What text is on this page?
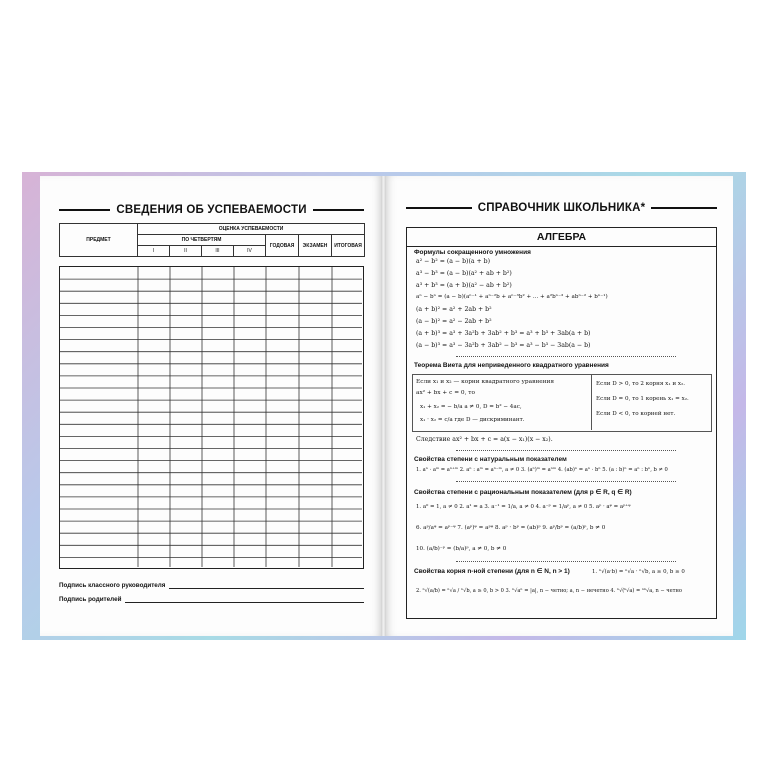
СВЕДЕНИЯ ОБ УСПЕВАЕМОСТИ
ПРЕДМЕТ	ОЦЕНКА УСПЕВАЕМОСТИ						
	ПО ЧЕТВЕРТЯМ				ГОДОВАЯ	ЭКЗАМЕН	ИТОГОВАЯ
	I	II	III	IV			
Подпись классного руководителя
Подпись родителей
СПРАВОЧНИК ШКОЛЬНИКА*
АЛГЕБРА
Формулы сокращенного умножения
a² − b² = (a − b)(a + b)
a³ − b³ = (a − b)(a² + ab + b²)
a³ + b³ = (a + b)(a² − ab + b²)
aⁿ − bⁿ = (a − b)(aⁿ⁻¹ + aⁿ⁻²b + aⁿ⁻³b² + ... + a²bⁿ⁻³ + abⁿ⁻² + bⁿ⁻¹)
(a + b)² = a² + 2ab + b²
(a − b)² = a² − 2ab + b²
(a + b)³ = a³ + 3a²b + 3ab² + b³ = a³ + b³ + 3ab(a + b)
(a − b)³ = a³ − 3a²b + 3ab² − b³ = a³ − b³ − 3ab(a − b)
Теорема Виета для неприведенного квадратного уравнения
Если x₁ и x₂ — корни квадратного уравнения
ax² + bx + c = 0, то
x₁ + x₂ = − b/a a ≠ 0, D = b² − 4ac,
x₁ · x₂ = c/a где D — дискриминант.
Если D > 0, то 2 корня x₁ и x₂.
Если D = 0, то 1 корень x₁ = x₂.
Если D < 0, то корней нет.
Следствие ax² + bx + c = a(x − x₁)(x − x₂).
Свойства степени с натуральным показателем
1. aⁿ · aᵐ = aⁿ⁺ᵐ 2. aⁿ : aᵐ = aⁿ⁻ᵐ, a ≠ 0 3. (aⁿ)ᵐ = aⁿᵐ 4. (ab)ⁿ = aⁿ · bⁿ 5. (a : b)ⁿ = aⁿ : bⁿ, b ≠ 0
Свойства степени с рациональным показателем (для p ∈ R, q ∈ R)
1. a⁰ = 1, a ≠ 0 2. a¹ = a 3. a⁻¹ = 1/a, a ≠ 0 4. a⁻ᵖ = 1/aᵖ, a ≠ 0 5. aᵖ · aᵠ = aᵖ⁺ᵠ
6. aᵖ/aᵠ = aᵖ⁻ᵠ 7. (aᵖ)ᵠ = aᵖᵠ 8. aᵖ · bᵖ = (ab)ᵖ 9. aᵖ/bᵖ = (a/b)ᵖ, b ≠ 0
10. (a/b)⁻ᵖ = (b/a)ᵖ, a ≠ 0, b ≠ 0
Свойства корня n-ной степени (для n ∈ N, n > 1)	1. ⁿ√(a·b) = ⁿ√a · ⁿ√b, a ≥ 0, b ≥ 0
2. ⁿ√(a/b) = ⁿ√a / ⁿ√b, a ≥ 0, b > 0 3. ⁿ√aⁿ = |a|, n − четно; a, n − нечетно 4. ⁿ√(ᵏ√a) = ⁿᵏ√a, n − четно
